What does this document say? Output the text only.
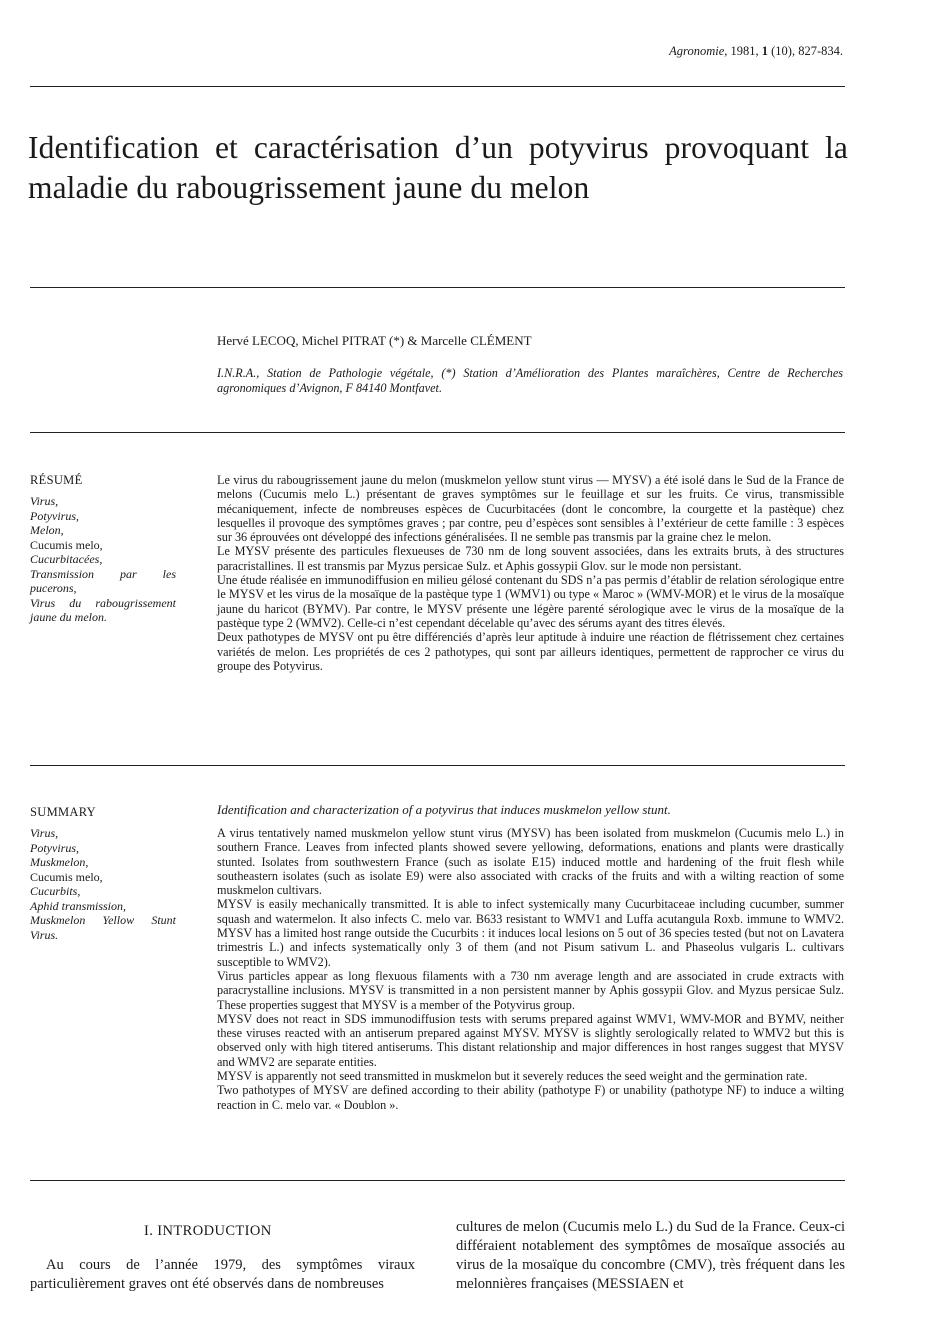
Agronomie, 1981, 1 (10), 827-834.
Identification et caractérisation d’un potyvirus provoquant la maladie du rabougrissement jaune du melon
Hervé LECOQ, Michel PITRAT (*) & Marcelle CLÉMENT
I.N.R.A., Station de Pathologie végétale, (*) Station d’Amélioration des Plantes maraîchères, Centre de Recherches agronomiques d’Avignon, F 84140 Montfavet.
RÉSUMÉ
Virus,
Potyvirus,
Melon,
Cucumis melo,
Cucurbitacées,
Transmission par les pucerons,
Virus du rabougrissement jaune du melon.

Le virus du rabougrissement jaune du melon (muskmelon yellow stunt virus — MYSV) a été isolé dans le Sud de la France de melons (Cucumis melo L.) présentant de graves symptômes sur le feuillage et sur les fruits. Ce virus, transmissible mécaniquement, infecte de nombreuses espèces de Cucurbitacées (dont le concombre, la courgette et la pastèque) chez lesquelles il provoque des symptômes graves ; par contre, peu d’espèces sont sensibles à l’extérieur de cette famille : 3 espèces sur 36 éprouvées ont développé des infections généralisées. Il ne semble pas transmis par la graine chez le melon.

Le MYSV présente des particules flexueuses de 730 nm de long souvent associées, dans les extraits bruts, à des structures paracristallines. Il est transmis par Myzus persicae Sulz. et Aphis gossypii Glov. sur le mode non persistant.

Une étude réalisée en immunodiffusion en milieu gélosé contenant du SDS n’a pas permis d’établir de relation sérologique entre le MYSV et les virus de la mosaïque de la pastèque type 1 (WMV1) ou type « Maroc » (WMV-MOR) et le virus de la mosaïque jaune du haricot (BYMV). Par contre, le MYSV présente une légère parenté sérologique avec le virus de la mosaïque de la pastèque type 2 (WMV2). Celle-ci n’est cependant décelable qu’avec des sérums ayant des titres élevés.

Deux pathotypes de MYSV ont pu être différenciés d’après leur aptitude à induire une réaction de flétrissement chez certaines variétés de melon. Les propriétés de ces 2 pathotypes, qui sont par ailleurs identiques, permettent de rapprocher ce virus du groupe des Potyvirus.

SUMMARY
Virus,
Potyvirus,
Muskmelon,
Cucumis melo,
Cucurbits,
Aphid transmission,
Muskmelon Yellow Stunt Virus.
Identification and characterization of a potyvirus that induces muskmelon yellow stunt.

A virus tentatively named muskmelon yellow stunt virus (MYSV) has been isolated from muskmelon (Cucumis melo L.) in southern France. Leaves from infected plants showed severe yellowing, deformations, enations and plants were drastically stunted. Isolates from southwestern France (such as isolate E15) induced mottle and hardening of the fruit flesh while southeastern isolates (such as isolate E9) were also associated with cracks of the fruits and with a wilting reaction of some muskmelon cultivars.

MYSV is easily mechanically transmitted. It is able to infect systemically many Cucurbitaceae including cucumber, summer squash and watermelon. It also infects C. melo var. B633 resistant to WMV1 and Luffa acutangula Roxb. immune to WMV2. MYSV has a limited host range outside the Cucurbits : it induces local lesions on 5 out of 36 species tested (but not on Lavatera trimestris L.) and infects systematically only 3 of them (and not Pisum sativum L. and Phaseolus vulgaris L. cultivars susceptible to WMV2).

Virus particles appear as long flexuous filaments with a 730 nm average length and are associated in crude extracts with paracrystalline inclusions. MYSV is transmitted in a non persistent manner by Aphis gossypii Glov. and Myzus persicae Sulz. These properties suggest that MYSV is a member of the Potyvirus group.

MYSV does not react in SDS immunodiffusion tests with serums prepared against WMV1, WMV-MOR and BYMV, neither these viruses reacted with an antiserum prepared against MYSV. MYSV is slightly serologically related to WMV2 but this is observed only with high titered antiserums. This distant relationship and major differences in host ranges suggest that MYSV and WMV2 are separate entities.

MYSV is apparently not seed transmitted in muskmelon but it severely reduces the seed weight and the germination rate.

Two pathotypes of MYSV are defined according to their ability (pathotype F) or unability (pathotype NF) to induce a wilting reaction in C. melo var. « Doublon ».

I. INTRODUCTION

Au cours de l’année 1979, des symptômes viraux particulièrement graves ont été observés dans de nombreuses

cultures de melon (Cucumis melo L.) du Sud de la France. Ceux-ci différaient notablement des symptômes de mosaïque associés au virus de la mosaïque du concombre (CMV), très fréquent dans les melonnières françaises (MESSIAEN et
